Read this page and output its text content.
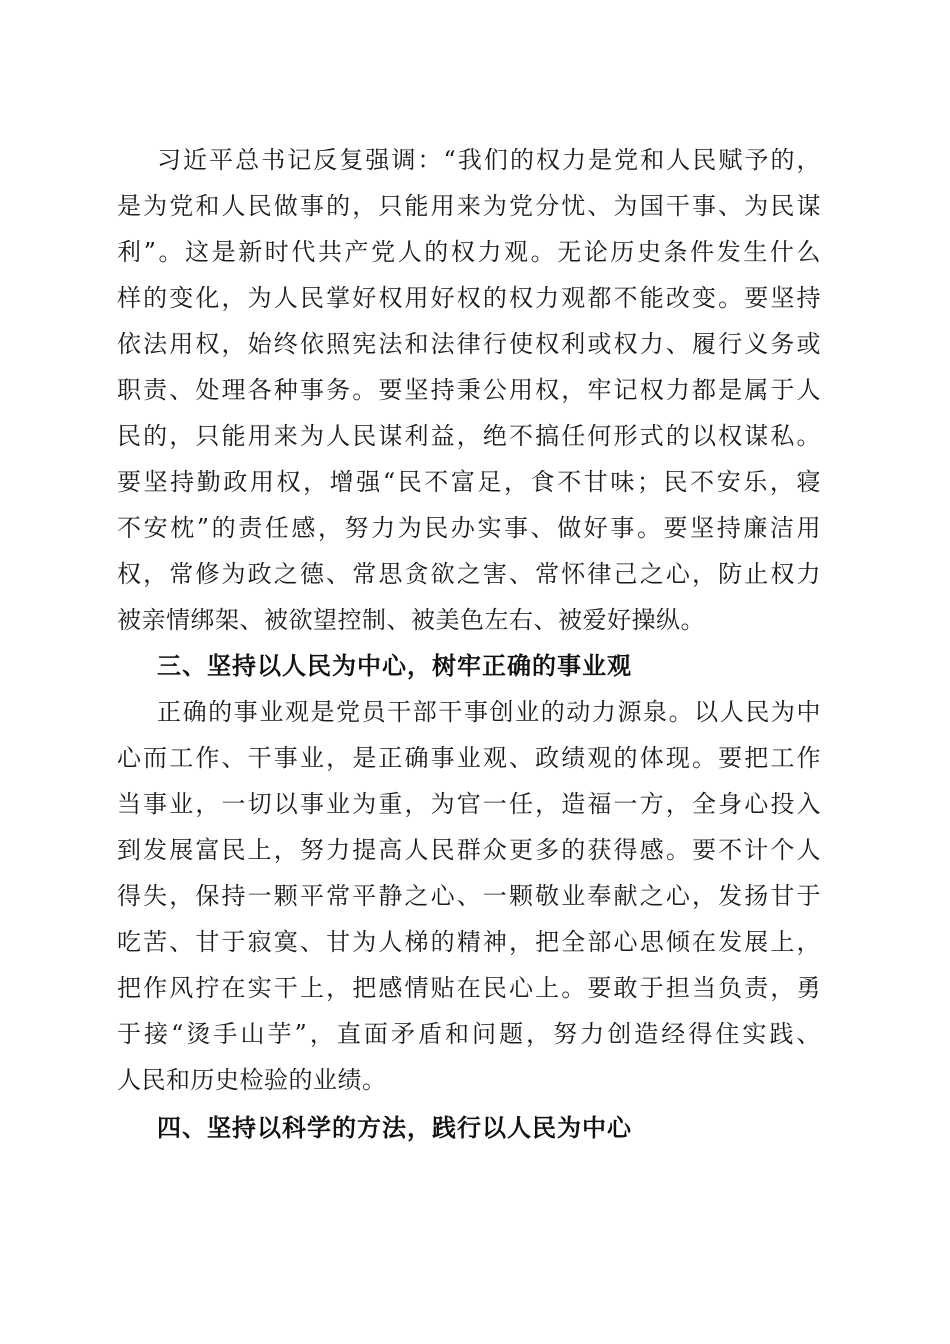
习近平总书记反复强调：“我们的权力是党和人民赋予的，
是为党和人民做事的，只能用来为党分忧、为国干事、为民谋
利”。这是新时代共产党人的权力观。无论历史条件发生什么
样的变化，为人民掌好权用好权的权力观都不能改变。要坚持
依法用权，始终依照宪法和法律行使权利或权力、履行义务或
职责、处理各种事务。要坚持秉公用权，牢记权力都是属于人
民的，只能用来为人民谋利益，绝不搞任何形式的以权谋私。
要坚持勤政用权，增强“民不富足，食不甘味；民不安乐，寝
不安枕”的责任感，努力为民办实事、做好事。要坚持廉洁用
权，常修为政之德、常思贪欲之害、常怀律己之心，防止权力
被亲情绑架、被欲望控制、被美色左右、被爱好操纵。
三、坚持以人民为中心，树牢正确的事业观
正确的事业观是党员干部干事创业的动力源泉。以人民为中
心而工作、干事业，是正确事业观、政绩观的体现。要把工作
当事业，一切以事业为重，为官一任，造福一方，全身心投入
到发展富民上，努力提高人民群众更多的获得感。要不计个人
得失，保持一颗平常平静之心、一颗敬业奉献之心，发扬甘于
吃苦、甘于寂寞、甘为人梯的精神，把全部心思倾在发展上，
把作风拧在实干上，把感情贴在民心上。要敢于担当负责，勇
于接“烫手山芋”，直面矛盾和问题，努力创造经得住实践、
人民和历史检验的业绩。
四、坚持以科学的方法，践行以人民为中心
